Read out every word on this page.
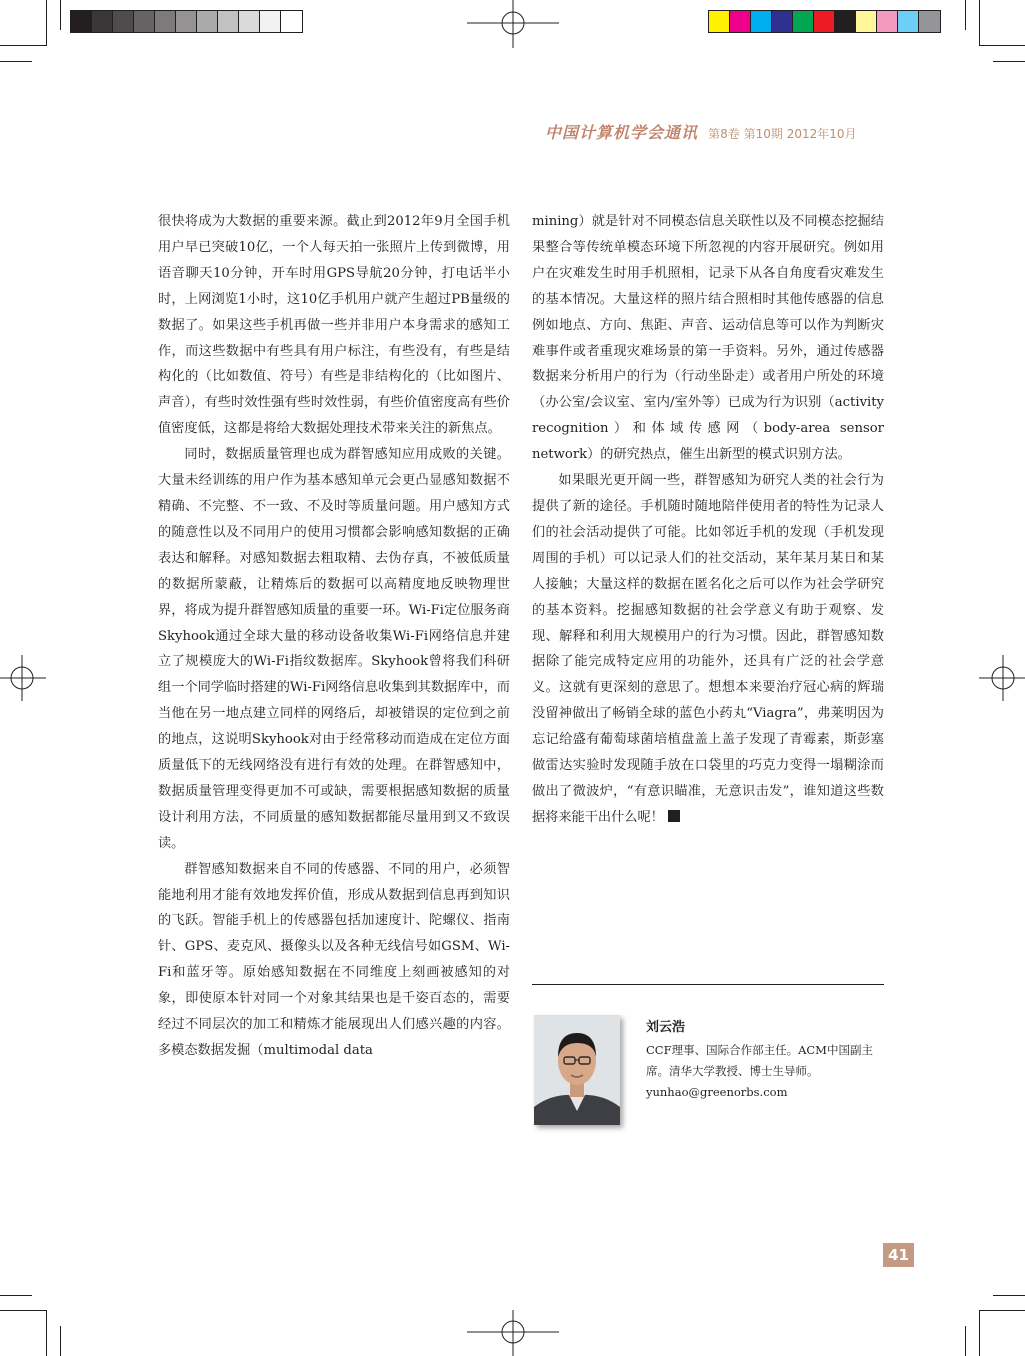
中国计算机学会通讯 第8卷 第10期 2012年10月

很快将成为大数据的重要来源。截止到2012年9月全国手机用户早已突破10亿，一个人每天拍一张照片上传到微博，用语音聊天10分钟，开车时用GPS导航20分钟，打电话半小时，上网浏览1小时，这10亿手机用户就产生超过PB量级的数据了。如果这些手机再做一些并非用户本身需求的感知工作，而这些数据中有些具有用户标注，有些没有，有些是结构化的（比如数值、符号）有些是非结构化的（比如图片、声音），有些时效性强有些时效性弱，有些价值密度高有些价值密度低，这都是将给大数据处理技术带来关注的新焦点。

同时，数据质量管理也成为群智感知应用成败的关键。大量未经训练的用户作为基本感知单元会更凸显感知数据不精确、不完整、不一致、不及时等质量问题。用户感知方式的随意性以及不同用户的使用习惯都会影响感知数据的正确表达和解释。对感知数据去粗取精、去伪存真，不被低质量的数据所蒙蔽，让精炼后的数据可以高精度地反映物理世界，将成为提升群智感知质量的重要一环。Wi-Fi定位服务商Skyhook通过全球大量的移动设备收集Wi-Fi网络信息并建立了规模庞大的Wi-Fi指纹数据库。Skyhook曾将我们科研组一个同学临时搭建的Wi-Fi网络信息收集到其数据库中，而当他在另一地点建立同样的网络后，却被错误的定位到之前的地点，这说明Skyhook对由于经常移动而造成在定位方面质量低下的无线网络没有进行有效的处理。在群智感知中，数据质量管理变得更加不可或缺，需要根据感知数据的质量设计利用方法，不同质量的感知数据都能尽量用到又不致误读。

群智感知数据来自不同的传感器、不同的用户，必须智能地利用才能有效地发挥价值，形成从数据到信息再到知识的飞跃。智能手机上的传感器包括加速度计、陀螺仪、指南针、GPS、麦克风、摄像头以及各种无线信号如GSM、Wi-Fi和蓝牙等。原始感知数据在不同维度上刻画被感知的对象，即使原本针对同一个对象其结果也是千姿百态的，需要经过不同层次的加工和精炼才能展现出人们感兴趣的内容。多模态数据发掘（multimodal data

mining）就是针对不同模态信息关联性以及不同模态挖掘结果整合等传统单模态环境下所忽视的内容开展研究。例如用户在灾难发生时用手机照相，记录下从各自角度看灾难发生的基本情况。大量这样的照片结合照相时其他传感器的信息例如地点、方向、焦距、声音、运动信息等可以作为判断灾难事件或者重现灾难场景的第一手资料。另外，通过传感器数据来分析用户的行为（行动坐卧走）或者用户所处的环境（办公室/会议室、室内/室外等）已成为行为识别（activity recognition）和体域传感网（body-area sensor network）的研究热点，催生出新型的模式识别方法。

如果眼光更开阔一些，群智感知为研究人类的社会行为提供了新的途径。手机随时随地陪伴使用者的特性为记录人们的社会活动提供了可能。比如邻近手机的发现（手机发现周围的手机）可以记录人们的社交活动，某年某月某日和某人接触；大量这样的数据在匿名化之后可以作为社会学研究的基本资料。挖掘感知数据的社会学意义有助于观察、发现、解释和利用大规模用户的行为习惯。因此，群智感知数据除了能完成特定应用的功能外，还具有广泛的社会学意义。这就有更深刻的意思了。想想本来要治疗冠心病的辉瑞没留神做出了畅销全球的蓝色小药丸“Viagra”，弗莱明因为忘记给盛有葡萄球菌培植盘盖上盖子发现了青霉素，斯彭塞做雷达实验时发现随手放在口袋里的巧克力变得一塌糊涂而做出了微波炉，“有意识瞄准，无意识击发”，谁知道这些数据将来能干出什么呢！

刘云浩
CCF理事、国际合作部主任。ACM中国副主席。清华大学教授、博士生导师。yunhao@greenorbs.com
41
